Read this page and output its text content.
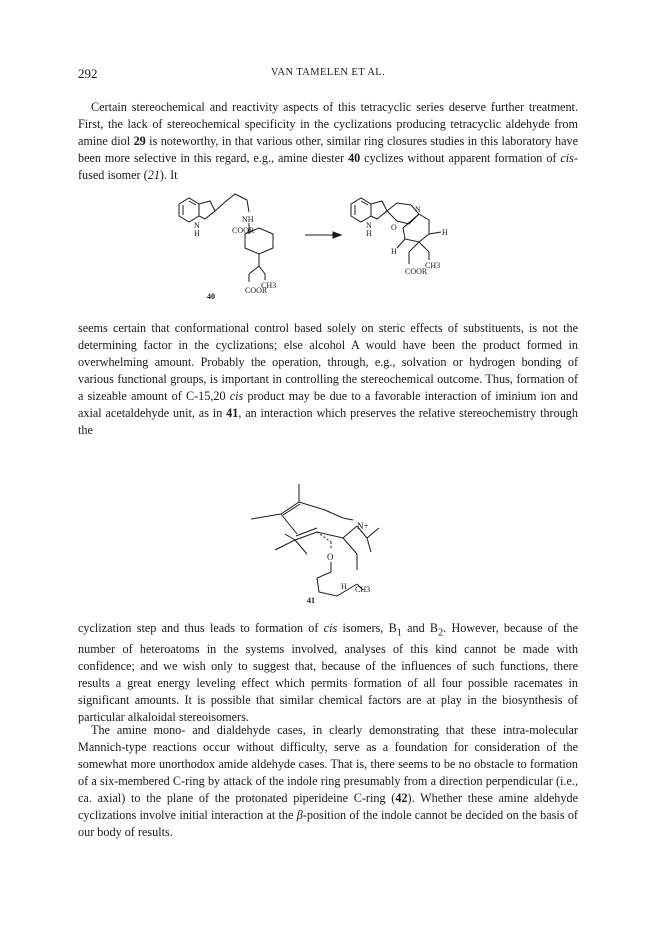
292	VAN TAMELEN ET AL.

Certain stereochemical and reactivity aspects of this tetracyclic series deserve further treatment. First, the lack of stereochemical specificity in the cyclizations producing tetracyclic aldehyde from amine diol 29 is noteworthy, in that various other, similar ring closures studies in this laboratory have been more selective in this regard, e.g., amine diester 40 cyclizes without apparent formation of cis-fused isomer (21). It

N
H
NH
COOR
CH3
COOR
40
N
H
O
N
H
H
CH3
COOR

seems certain that conformational control based solely on steric effects of substituents, is not the determining factor in the cyclizations; else alcohol A would have been the product formed in overwhelming amount. Probably the operation, through, e.g., solvation or hydrogen bonding of various functional groups, is important in controlling the stereochemical outcome. Thus, formation of a sizeable amount of C-15,20 cis product may be due to a favorable interaction of iminium ion and axial acetaldehyde unit, as in 41, an interaction which preserves the relative stereochemistry through the

N+
O
H CH3
41

cyclization step and thus leads to formation of cis isomers, $B_1$ and $B_2$. However, because of the number of heteroatoms in the systems involved, analyses of this kind cannot be made with confidence; and we wish only to suggest that, because of the influences of such functions, there results a great energy leveling effect which permits formation of all four possible racemates in significant amounts. It is possible that similar chemical factors are at play in the biosynthesis of particular alkaloidal stereoisomers.

The amine mono- and dialdehyde cases, in clearly demonstrating that these intra-molecular Mannich-type reactions occur without difficulty, serve as a foundation for consideration of the somewhat more unorthodox amide aldehyde cases. That is, there seems to be no obstacle to formation of a six-membered C-ring by attack of the indole ring presumably from a direction perpendicular (i.e., ca. axial) to the plane of the protonated piperideine C-ring (42). Whether these amine aldehyde cyclizations involve initial interaction at the β-position of the indole cannot be decided on the basis of our body of results.
